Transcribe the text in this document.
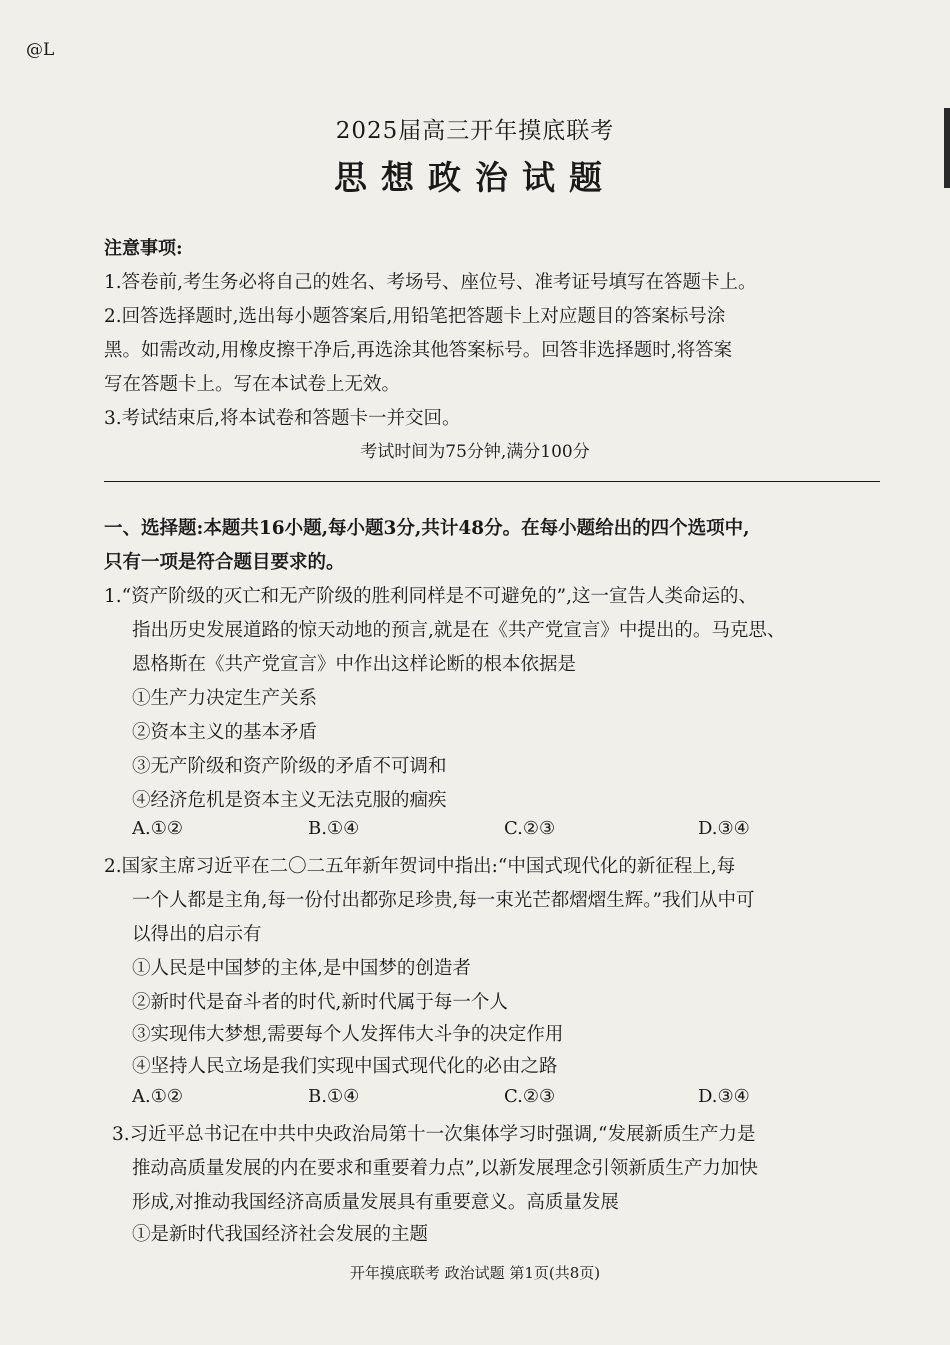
@L
2025届高三开年摸底联考
思想政治试题
注意事项:
1.答卷前,考生务必将自己的姓名、考场号、座位号、准考证号填写在答题卡上。
2.回答选择题时,选出每小题答案后,用铅笔把答题卡上对应题目的答案标号涂
黑。如需改动,用橡皮擦干净后,再选涂其他答案标号。回答非选择题时,将答案
写在答题卡上。写在本试卷上无效。
3.考试结束后,将本试卷和答题卡一并交回。
考试时间为75分钟,满分100分
一、选择题:本题共16小题,每小题3分,共计48分。在每小题给出的四个选项中,
只有一项是符合题目要求的。
1.“资产阶级的灭亡和无产阶级的胜利同样是不可避免的”,这一宣告人类命运的、
指出历史发展道路的惊天动地的预言,就是在《共产党宣言》中提出的。马克思、
恩格斯在《共产党宣言》中作出这样论断的根本依据是
①生产力决定生产关系
②资本主义的基本矛盾
③无产阶级和资产阶级的矛盾不可调和
④经济危机是资本主义无法克服的痼疾
A.①②	B.①④	C.②③	D.③④
2.国家主席习近平在二〇二五年新年贺词中指出:“中国式现代化的新征程上,每
一个人都是主角,每一份付出都弥足珍贵,每一束光芒都熠熠生辉。”我们从中可
以得出的启示有
①人民是中国梦的主体,是中国梦的创造者
②新时代是奋斗者的时代,新时代属于每一个人
③实现伟大梦想,需要每个人发挥伟大斗争的决定作用
④坚持人民立场是我们实现中国式现代化的必由之路
A.①②	B.①④	C.②③	D.③④
3.习近平总书记在中共中央政治局第十一次集体学习时强调,“发展新质生产力是
推动高质量发展的内在要求和重要着力点”,以新发展理念引领新质生产力加快
形成,对推动我国经济高质量发展具有重要意义。高质量发展
①是新时代我国经济社会发展的主题
开年摸底联考 政治试题 第1页(共8页)
